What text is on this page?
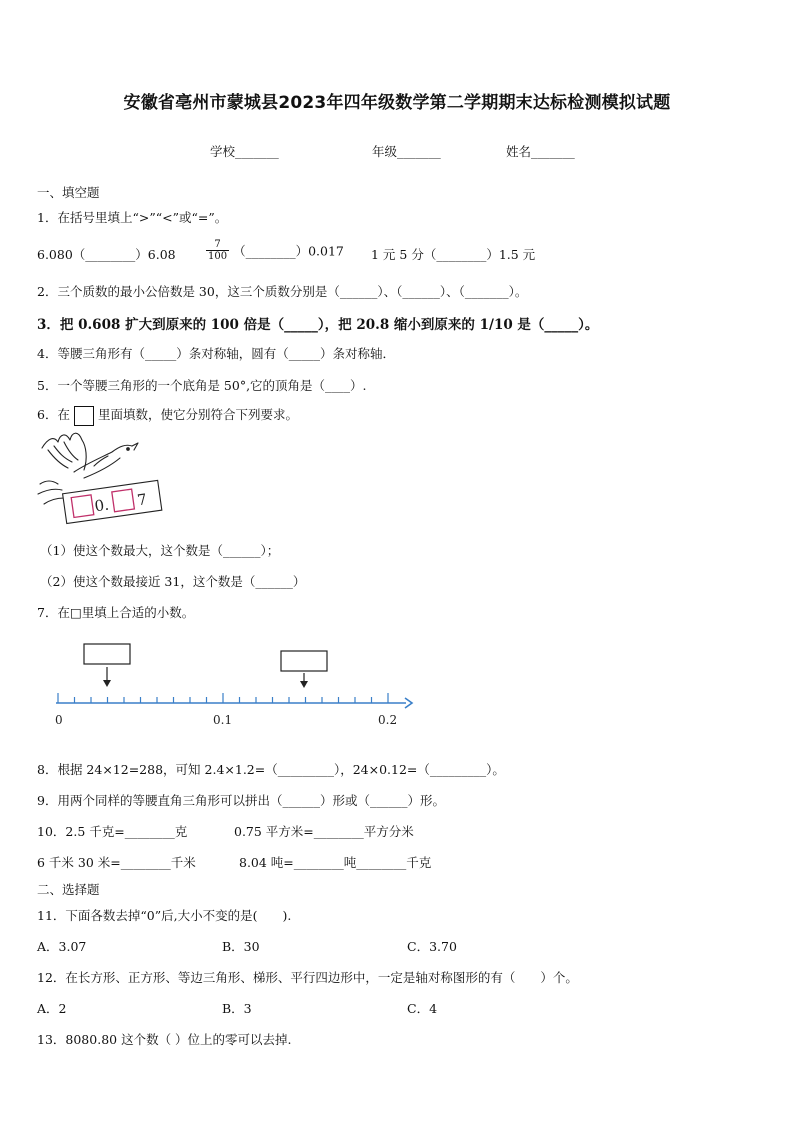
安徽省亳州市蒙城县2023年四年级数学第二学期期末达标检测模拟试题
学校_______	年级_______	姓名_______
一、填空题
1．在括号里填上“>”“<”或“=”。
6.080（________）6.08	$\frac{7}{100}$ （________）0.017 1 元 5 分（________）1.5 元
2．三个质数的最小公倍数是 30，这三个质数分别是（______）、（______）、（_______）。
3．把 0.608 扩大到原来的 100 倍是（_____），把 20.8 缩小到原来的 1/10 是（_____）。
4．等腰三角形有（_____）条对称轴，圆有（_____）条对称轴．
5．一个等腰三角形的一个底角是 50°,它的顶角是（____）.
6．在 里面填数，使它分别符合下列要求。
0. 7
（1）使这个数最大，这个数是（______）；
（2）使这个数最接近 31，这个数是（______）
7．在□里填上合适的小数。
0	0.1	0.2
8．根据 24×12=288，可知 2.4×1.2=（_________），24×0.12=（_________）。
9．用两个同样的等腰直角三角形可以拼出（______）形或（______）形。
10．2.5 千克=________克	0.75 平方米=________平方分米
6 千米 30 米=________千米	8.04 吨=________吨________千克
二、选择题
11．下面各数去掉“0”后,大小不变的是(　　).
A．3.07	B．30	C．3.70
12．在长方形、正方形、等边三角形、梯形、平行四边形中，一定是轴对称图形的有（　　）个。
A．2	B．3	C．4
13．8080.80 这个数（ ）位上的零可以去掉.
